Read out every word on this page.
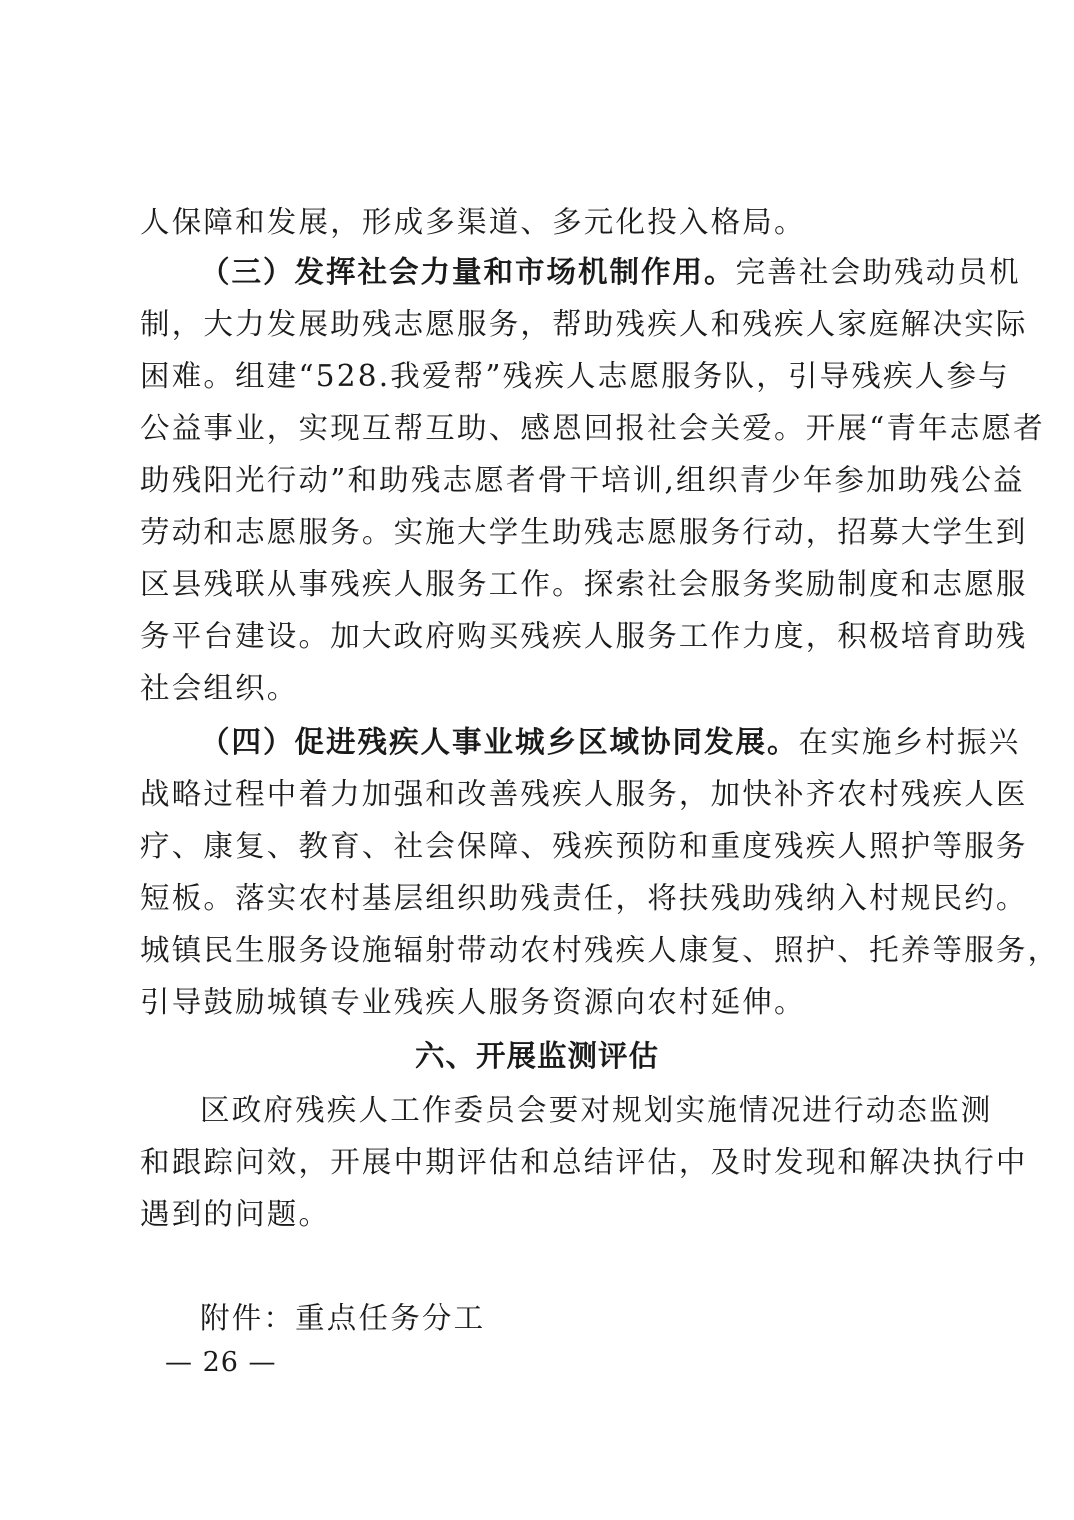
人保障和发展，形成多渠道、多元化投入格局。
（三）发挥社会力量和市场机制作用。完善社会助残动员机
制，大力发展助残志愿服务，帮助残疾人和残疾人家庭解决实际
困难。组建“528.我爱帮”残疾人志愿服务队，引导残疾人参与
公益事业，实现互帮互助、感恩回报社会关爱。开展“青年志愿者
助残阳光行动”和助残志愿者骨干培训,组织青少年参加助残公益
劳动和志愿服务。实施大学生助残志愿服务行动，招募大学生到
区县残联从事残疾人服务工作。探索社会服务奖励制度和志愿服
务平台建设。加大政府购买残疾人服务工作力度，积极培育助残
社会组织。
（四）促进残疾人事业城乡区域协同发展。在实施乡村振兴
战略过程中着力加强和改善残疾人服务，加快补齐农村残疾人医
疗、康复、教育、社会保障、残疾预防和重度残疾人照护等服务
短板。落实农村基层组织助残责任，将扶残助残纳入村规民约。
城镇民生服务设施辐射带动农村残疾人康复、照护、托养等服务，
引导鼓励城镇专业残疾人服务资源向农村延伸。
六、开展监测评估
区政府残疾人工作委员会要对规划实施情况进行动态监测
和跟踪问效，开展中期评估和总结评估，及时发现和解决执行中
遇到的问题。
附件：重点任务分工
— 26 —
